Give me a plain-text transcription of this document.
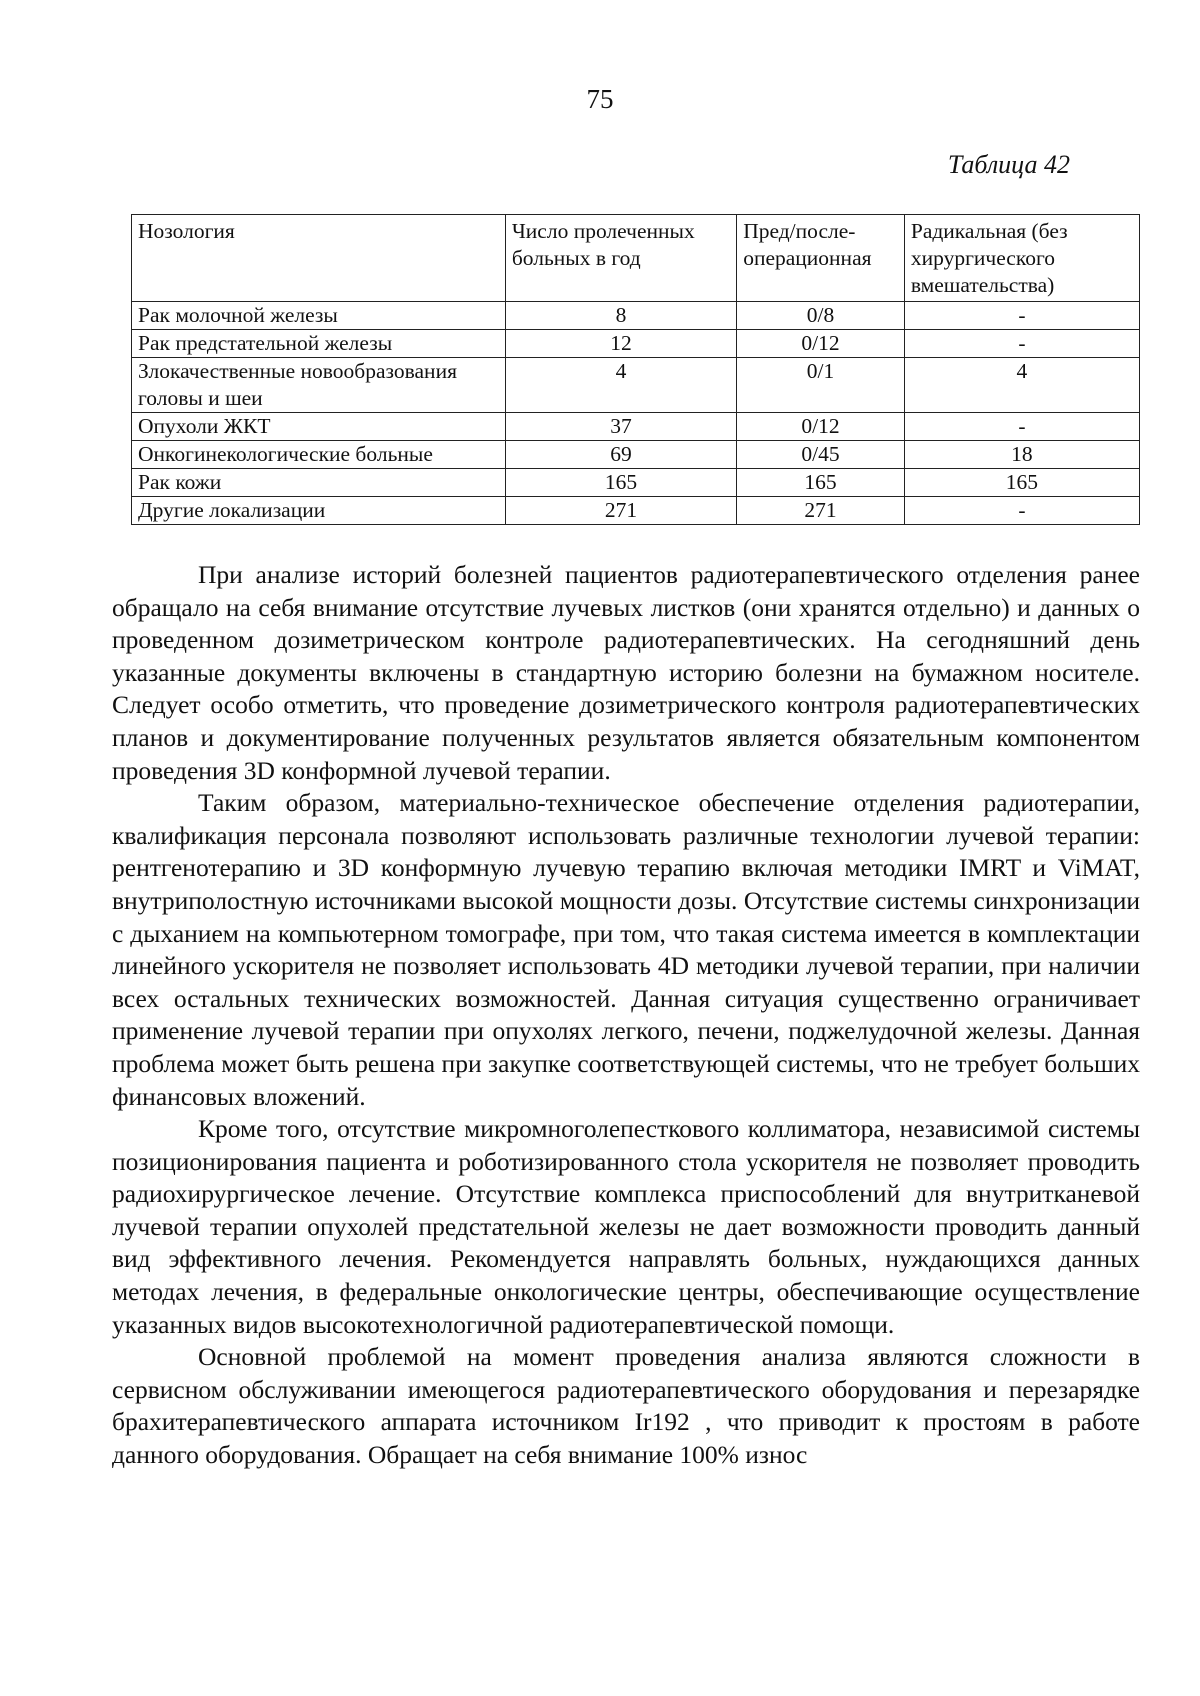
75
Таблица 42
Нозология	Число пролеченных больных в год	Пред/после-операционная	Радикальная (без хирургического вмешательства)
Рак молочной железы	8	0/8	-
Рак предстательной железы	12	0/12	-
Злокачественные новообразования головы и шеи	4	0/1	4
Опухоли ЖКТ	37	0/12	-
Онкогинекологические больные	69	0/45	18
Рак кожи	165	165	165
Другие локализации	271	271	-

При анализе историй болезней пациентов радиотерапевтического отделения ранее обращало на себя внимание отсутствие лучевых листков (они хранятся отдельно) и данных о проведенном дозиметрическом контроле радиотерапевтических. На сегодняшний день указанные документы включены в стандартную историю болезни на бумажном носителе. Следует особо отметить, что проведение дозиметрического контроля радиотерапевтических планов и документирование полученных результатов является обязательным компонентом проведения 3D конформной лучевой терапии.

Таким образом, материально-техническое обеспечение отделения радиотерапии, квалификация персонала позволяют использовать различные технологии лучевой терапии: рентгенотерапию и 3D конформную лучевую терапию включая методики IMRT и ViMAT, внутриполостную источниками высокой мощности дозы. Отсутствие системы синхронизации с дыханием на компьютерном томографе, при том, что такая система имеется в комплектации линейного ускорителя не позволяет использовать 4D методики лучевой терапии, при наличии всех остальных технических возможностей. Данная ситуация существенно ограничивает применение лучевой терапии при опухолях легкого, печени, поджелудочной железы. Данная проблема может быть решена при закупке соответствующей системы, что не требует больших финансовых вложений.

Кроме того, отсутствие микромноголепесткового коллиматора, независимой системы позиционирования пациента и роботизированного стола ускорителя не позволяет проводить радиохирургическое лечение. Отсутствие комплекса приспособлений для внутритканевой лучевой терапии опухолей предстательной железы не дает возможности проводить данный вид эффективного лечения. Рекомендуется направлять больных, нуждающихся данных методах лечения, в федеральные онкологические центры, обеспечивающие осуществление указанных видов высокотехнологичной радиотерапевтической помощи.

Основной проблемой на момент проведения анализа являются сложности в сервисном обслуживании имеющегося радиотерапевтического оборудования и перезарядке брахитерапевтического аппарата источником Ir192 , что приводит к простоям в работе данного оборудования. Обращает на себя внимание 100% износ
